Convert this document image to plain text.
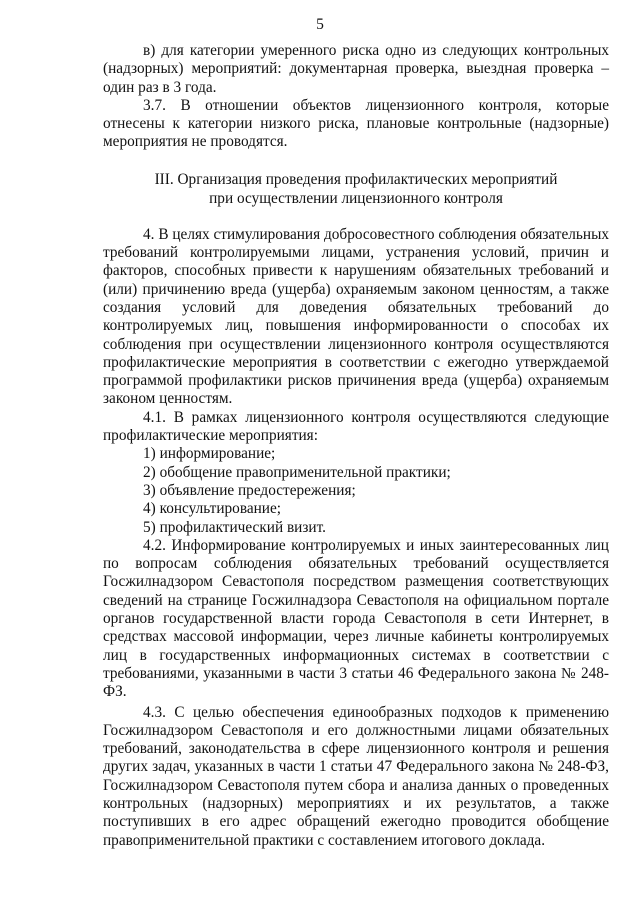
5

в) для категории умеренного риска одно из следующих контрольных (надзорных) мероприятий: документарная проверка, выездная проверка – один раз в 3 года.

3.7. В отношении объектов лицензионного контроля, которые отнесены к категории низкого риска, плановые контрольные (надзорные) мероприятия не проводятся.

III. Организация проведения профилактических мероприятий
при осуществлении лицензионного контроля

4. В целях стимулирования добросовестного соблюдения обязательных требований контролируемыми лицами, устранения условий, причин и факторов, способных привести к нарушениям обязательных требований и (или) причинению вреда (ущерба) охраняемым законом ценностям, а также создания условий для доведения обязательных требований до контролируемых лиц, повышения информированности о способах их соблюдения при осуществлении лицензионного контроля осуществляются профилактические мероприятия в соответствии с ежегодно утверждаемой программой профилактики рисков причинения вреда (ущерба) охраняемым законом ценностям.

4.1. В рамках лицензионного контроля осуществляются следующие профилактические мероприятия:

1) информирование;

2) обобщение правоприменительной практики;

3) объявление предостережения;

4) консультирование;

5) профилактический визит.

4.2. Информирование контролируемых и иных заинтересованных лиц по вопросам соблюдения обязательных требований осуществляется Госжилнадзором Севастополя посредством размещения соответствующих сведений на странице Госжилнадзора Севастополя на официальном портале органов государственной власти города Севастополя в сети Интернет, в средствах массовой информации, через личные кабинеты контролируемых лиц в государственных информационных системах в соответствии с требованиями, указанными в части 3 статьи 46 Федерального закона № 248-ФЗ.

4.3. С целью обеспечения единообразных подходов к применению Госжилнадзором Севастополя и его должностными лицами обязательных требований, законодательства в сфере лицензионного контроля и решения других задач, указанных в части 1 статьи 47 Федерального закона № 248-ФЗ, Госжилнадзором Севастополя путем сбора и анализа данных о проведенных контрольных (надзорных) мероприятиях и их результатов, а также поступивших в его адрес обращений ежегодно проводится обобщение правоприменительной практики с составлением итогового доклада.
